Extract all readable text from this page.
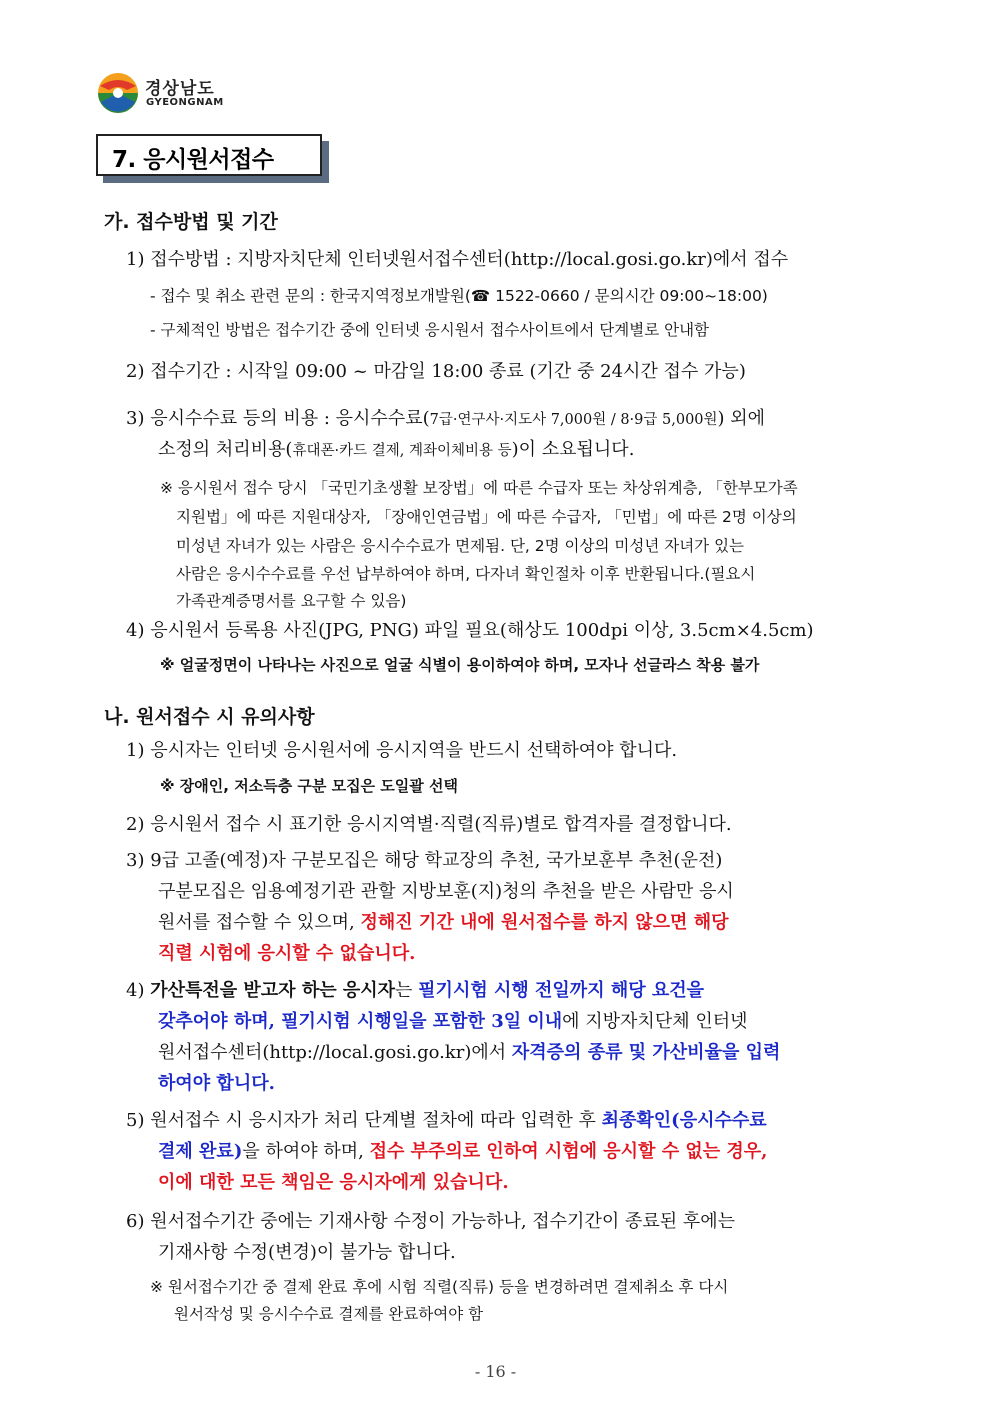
경상남도
GYEONGNAM
7. 응시원서접수
가. 접수방법 및 기간
1) 접수방법 : 지방자치단체 인터넷원서접수센터(http://local.gosi.go.kr)에서 접수
- 접수 및 취소 관련 문의 : 한국지역정보개발원(☎ 1522-0660 / 문의시간 09:00~18:00)
- 구체적인 방법은 접수기간 중에 인터넷 응시원서 접수사이트에서 단계별로 안내함
2) 접수기간 : 시작일 09:00 ~ 마감일 18:00 종료 (기간 중 24시간 접수 가능)
3) 응시수수료 등의 비용 : 응시수수료(7급·연구사·지도사 7,000원 / 8·9급 5,000원) 외에
소정의 처리비용(휴대폰·카드 결제, 계좌이체비용 등)이 소요됩니다.
※ 응시원서 접수 당시 「국민기초생활 보장법」에 따른 수급자 또는 차상위계층, 「한부모가족
지원법」에 따른 지원대상자, 「장애인연금법」에 따른 수급자, 「민법」에 따른 2명 이상의
미성년 자녀가 있는 사람은 응시수수료가 면제됨. 단, 2명 이상의 미성년 자녀가 있는
사람은 응시수수료를 우선 납부하여야 하며, 다자녀 확인절차 이후 반환됩니다.(필요시
가족관계증명서를 요구할 수 있음)
4) 응시원서 등록용 사진(JPG, PNG) 파일 필요(해상도 100dpi 이상, 3.5cm×4.5cm)
※ 얼굴정면이 나타나는 사진으로 얼굴 식별이 용이하여야 하며, 모자나 선글라스 착용 불가
나. 원서접수 시 유의사항
1) 응시자는 인터넷 응시원서에 응시지역을 반드시 선택하여야 합니다.
※ 장애인, 저소득층 구분 모집은 도일괄 선택
2) 응시원서 접수 시 표기한 응시지역별·직렬(직류)별로 합격자를 결정합니다.
3) 9급 고졸(예정)자 구분모집은 해당 학교장의 추천, 국가보훈부 추천(운전)
구분모집은 임용예정기관 관할 지방보훈(지)청의 추천을 받은 사람만 응시
원서를 접수할 수 있으며, 정해진 기간 내에 원서접수를 하지 않으면 해당
직렬 시험에 응시할 수 없습니다.
4) 가산특전을 받고자 하는 응시자는 필기시험 시행 전일까지 해당 요건을
갖추어야 하며, 필기시험 시행일을 포함한 3일 이내에 지방자치단체 인터넷
원서접수센터(http://local.gosi.go.kr)에서 자격증의 종류 및 가산비율을 입력
하여야 합니다.
5) 원서접수 시 응시자가 처리 단계별 절차에 따라 입력한 후 최종확인(응시수수료
결제 완료)을 하여야 하며, 접수 부주의로 인하여 시험에 응시할 수 없는 경우,
이에 대한 모든 책임은 응시자에게 있습니다.
6) 원서접수기간 중에는 기재사항 수정이 가능하나, 접수기간이 종료된 후에는
기재사항 수정(변경)이 불가능 합니다.
※ 원서접수기간 중 결제 완료 후에 시험 직렬(직류) 등을 변경하려면 결제취소 후 다시
원서작성 및 응시수수료 결제를 완료하여야 함
- 16 -
